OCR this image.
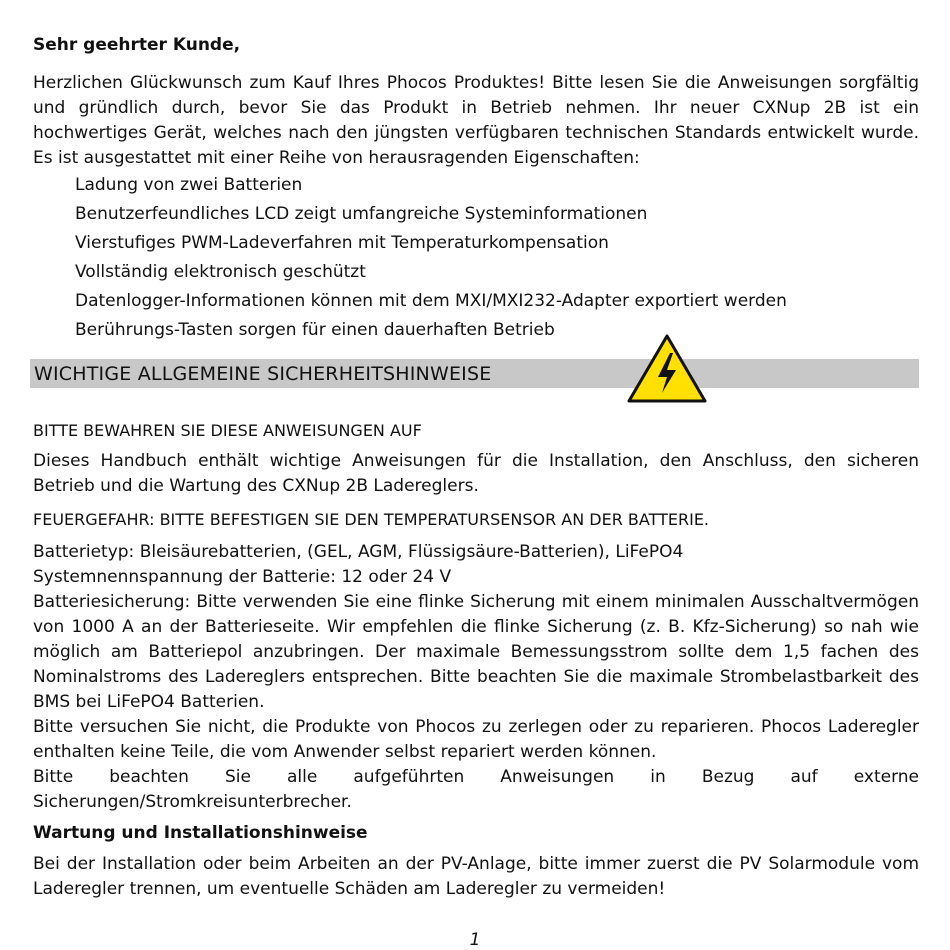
Sehr geehrter Kunde,

Herzlichen Glückwunsch zum Kauf Ihres Phocos Produktes! Bitte lesen Sie die Anweisungen sorgfältig und gründlich durch, bevor Sie das Produkt in Betrieb nehmen. Ihr neuer CXNup 2B ist ein hochwertiges Gerät, welches nach den jüngsten verfügbaren technischen Standards entwickelt wurde. Es ist ausgestattet mit einer Reihe von herausragenden Eigenschaften:

Ladung von zwei Batterien
Benutzerfeundliches LCD zeigt umfangreiche Systeminformationen
Vierstufiges PWM-Ladeverfahren mit Temperaturkompensation
Vollständig elektronisch geschützt
Datenlogger-Informationen können mit dem MXI/MXI232-Adapter exportiert werden
Berührungs-Tasten sorgen für einen dauerhaften Betrieb
WICHTIGE ALLGEMEINE SICHERHEITSHINWEISE

BITTE BEWAHREN SIE DIESE ANWEISUNGEN AUF

Dieses Handbuch enthält wichtige Anweisungen für die Installation, den Anschluss, den sicheren Betrieb und die Wartung des CXNup 2B Ladereglers.

FEUERGEFAHR: BITTE BEFESTIGEN SIE DEN TEMPERATURSENSOR AN DER BATTERIE.

Batterietyp: Bleisäurebatterien, (GEL, AGM, Flüssigsäure-Batterien), LiFePO4

Systemnennspannung der Batterie: 12 oder 24 V

Batteriesicherung: Bitte verwenden Sie eine flinke Sicherung mit einem minimalen Ausschaltvermögen von 1000 A an der Batterieseite. Wir empfehlen die flinke Sicherung (z. B. Kfz-Sicherung) so nah wie möglich am Batteriepol anzubringen. Der maximale Bemessungsstrom sollte dem 1,5 fachen des Nominalstroms des Ladereglers entsprechen. Bitte beachten Sie die maximale Strombelastbarkeit des BMS bei LiFePO4 Batterien.

Bitte versuchen Sie nicht, die Produkte von Phocos zu zerlegen oder zu reparieren. Phocos Laderegler enthalten keine Teile, die vom Anwender selbst repariert werden können.

Bitte beachten Sie alle aufgeführten Anweisungen in Bezug auf externe Sicherungen/Stromkreisunterbrecher.

Wartung und Installationshinweise

Bei der Installation oder beim Arbeiten an der PV-Anlage, bitte immer zuerst die PV Solarmodule vom Laderegler trennen, um eventuelle Schäden am Laderegler zu vermeiden!

1
